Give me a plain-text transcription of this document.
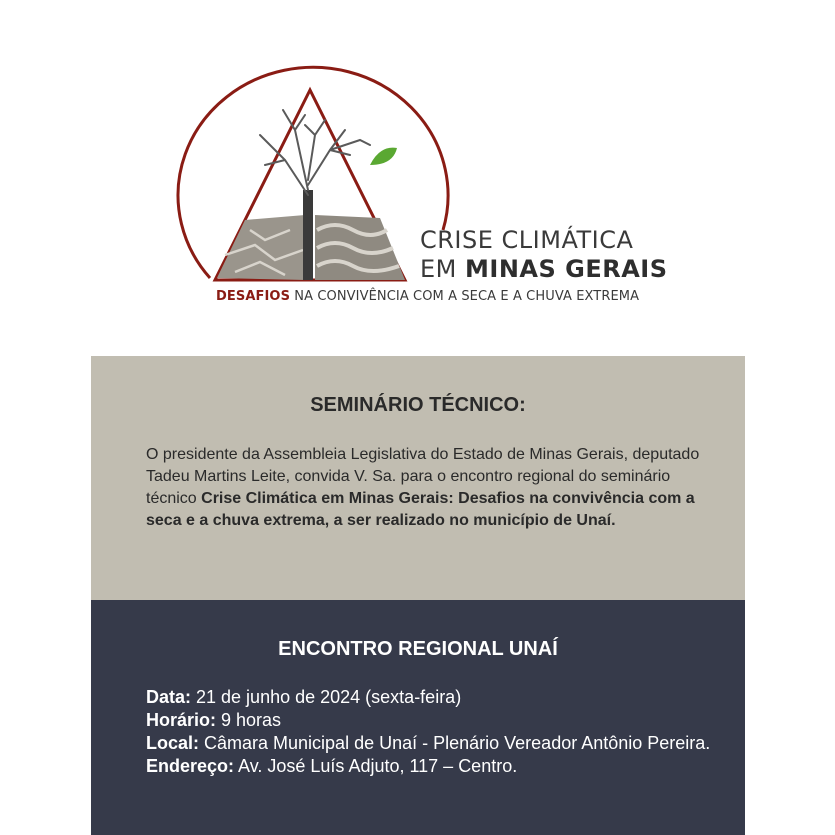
CRISE CLIMÁTICA
EM MINAS GERAIS
DESAFIOS NA CONVIVÊNCIA COM A SECA E A CHUVA EXTREMA
SEMINÁRIO TÉCNICO:
O presidente da Assembleia Legislativa do Estado de Minas Gerais, deputado Tadeu Martins Leite, convida V. Sa. para o encontro regional do seminário técnico Crise Climática em Minas Gerais: Desafios na convivência com a seca e a chuva extrema, a ser realizado no município de Unaí.
ENCONTRO REGIONAL UNAÍ
Data: 21 de junho de 2024 (sexta-feira)
Horário: 9 horas
Local: Câmara Municipal de Unaí - Plenário Vereador Antônio Pereira.
Endereço: Av. José Luís Adjuto, 117 – Centro.
